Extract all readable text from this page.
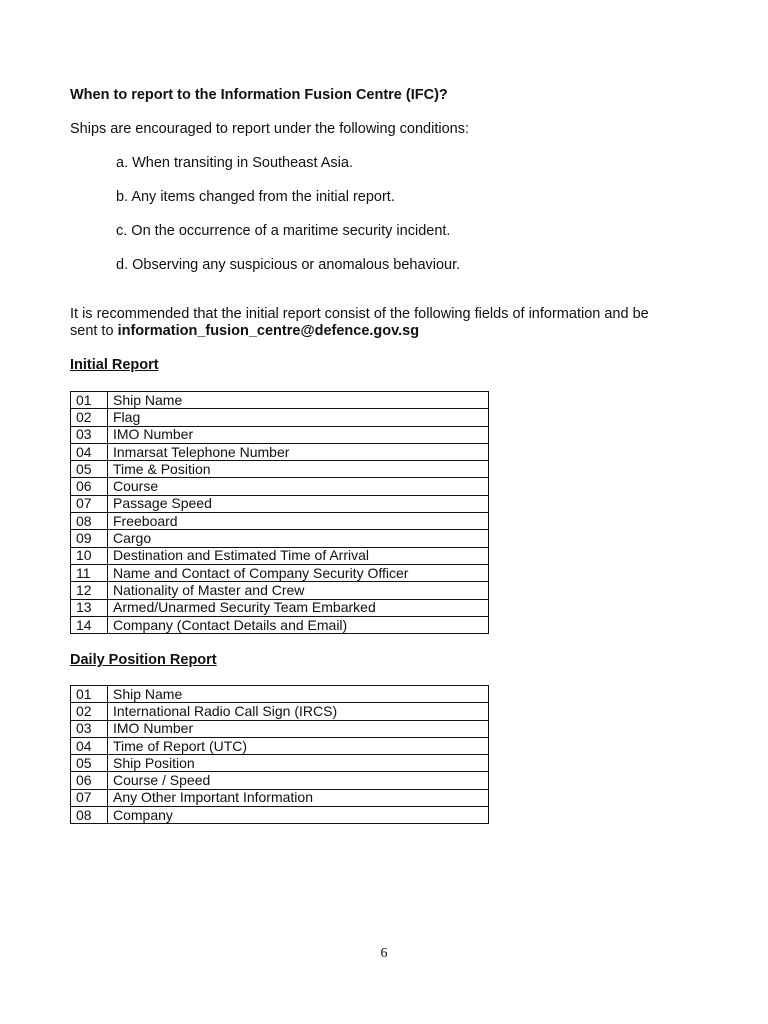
When to report to the Information Fusion Centre (IFC)?
Ships are encouraged to report under the following conditions:
a. When transiting in Southeast Asia.
b. Any items changed from the initial report.
c. On the occurrence of a maritime security incident.
d. Observing any suspicious or anomalous behaviour.
It is recommended that the initial report consist of the following fields of information and be
sent to information_fusion_centre@defence.gov.sg
Initial Report
01	Ship Name
02	Flag
03	IMO Number
04	Inmarsat Telephone Number
05	Time & Position
06	Course
07	Passage Speed
08	Freeboard
09	Cargo
10	Destination and Estimated Time of Arrival
11	Name and Contact of Company Security Officer
12	Nationality of Master and Crew
13	Armed/Unarmed Security Team Embarked
14	Company (Contact Details and Email)
Daily Position Report
01	Ship Name
02	International Radio Call Sign (IRCS)
03	IMO Number
04	Time of Report (UTC)
05	Ship Position
06	Course / Speed
07	Any Other Important Information
08	Company
6
